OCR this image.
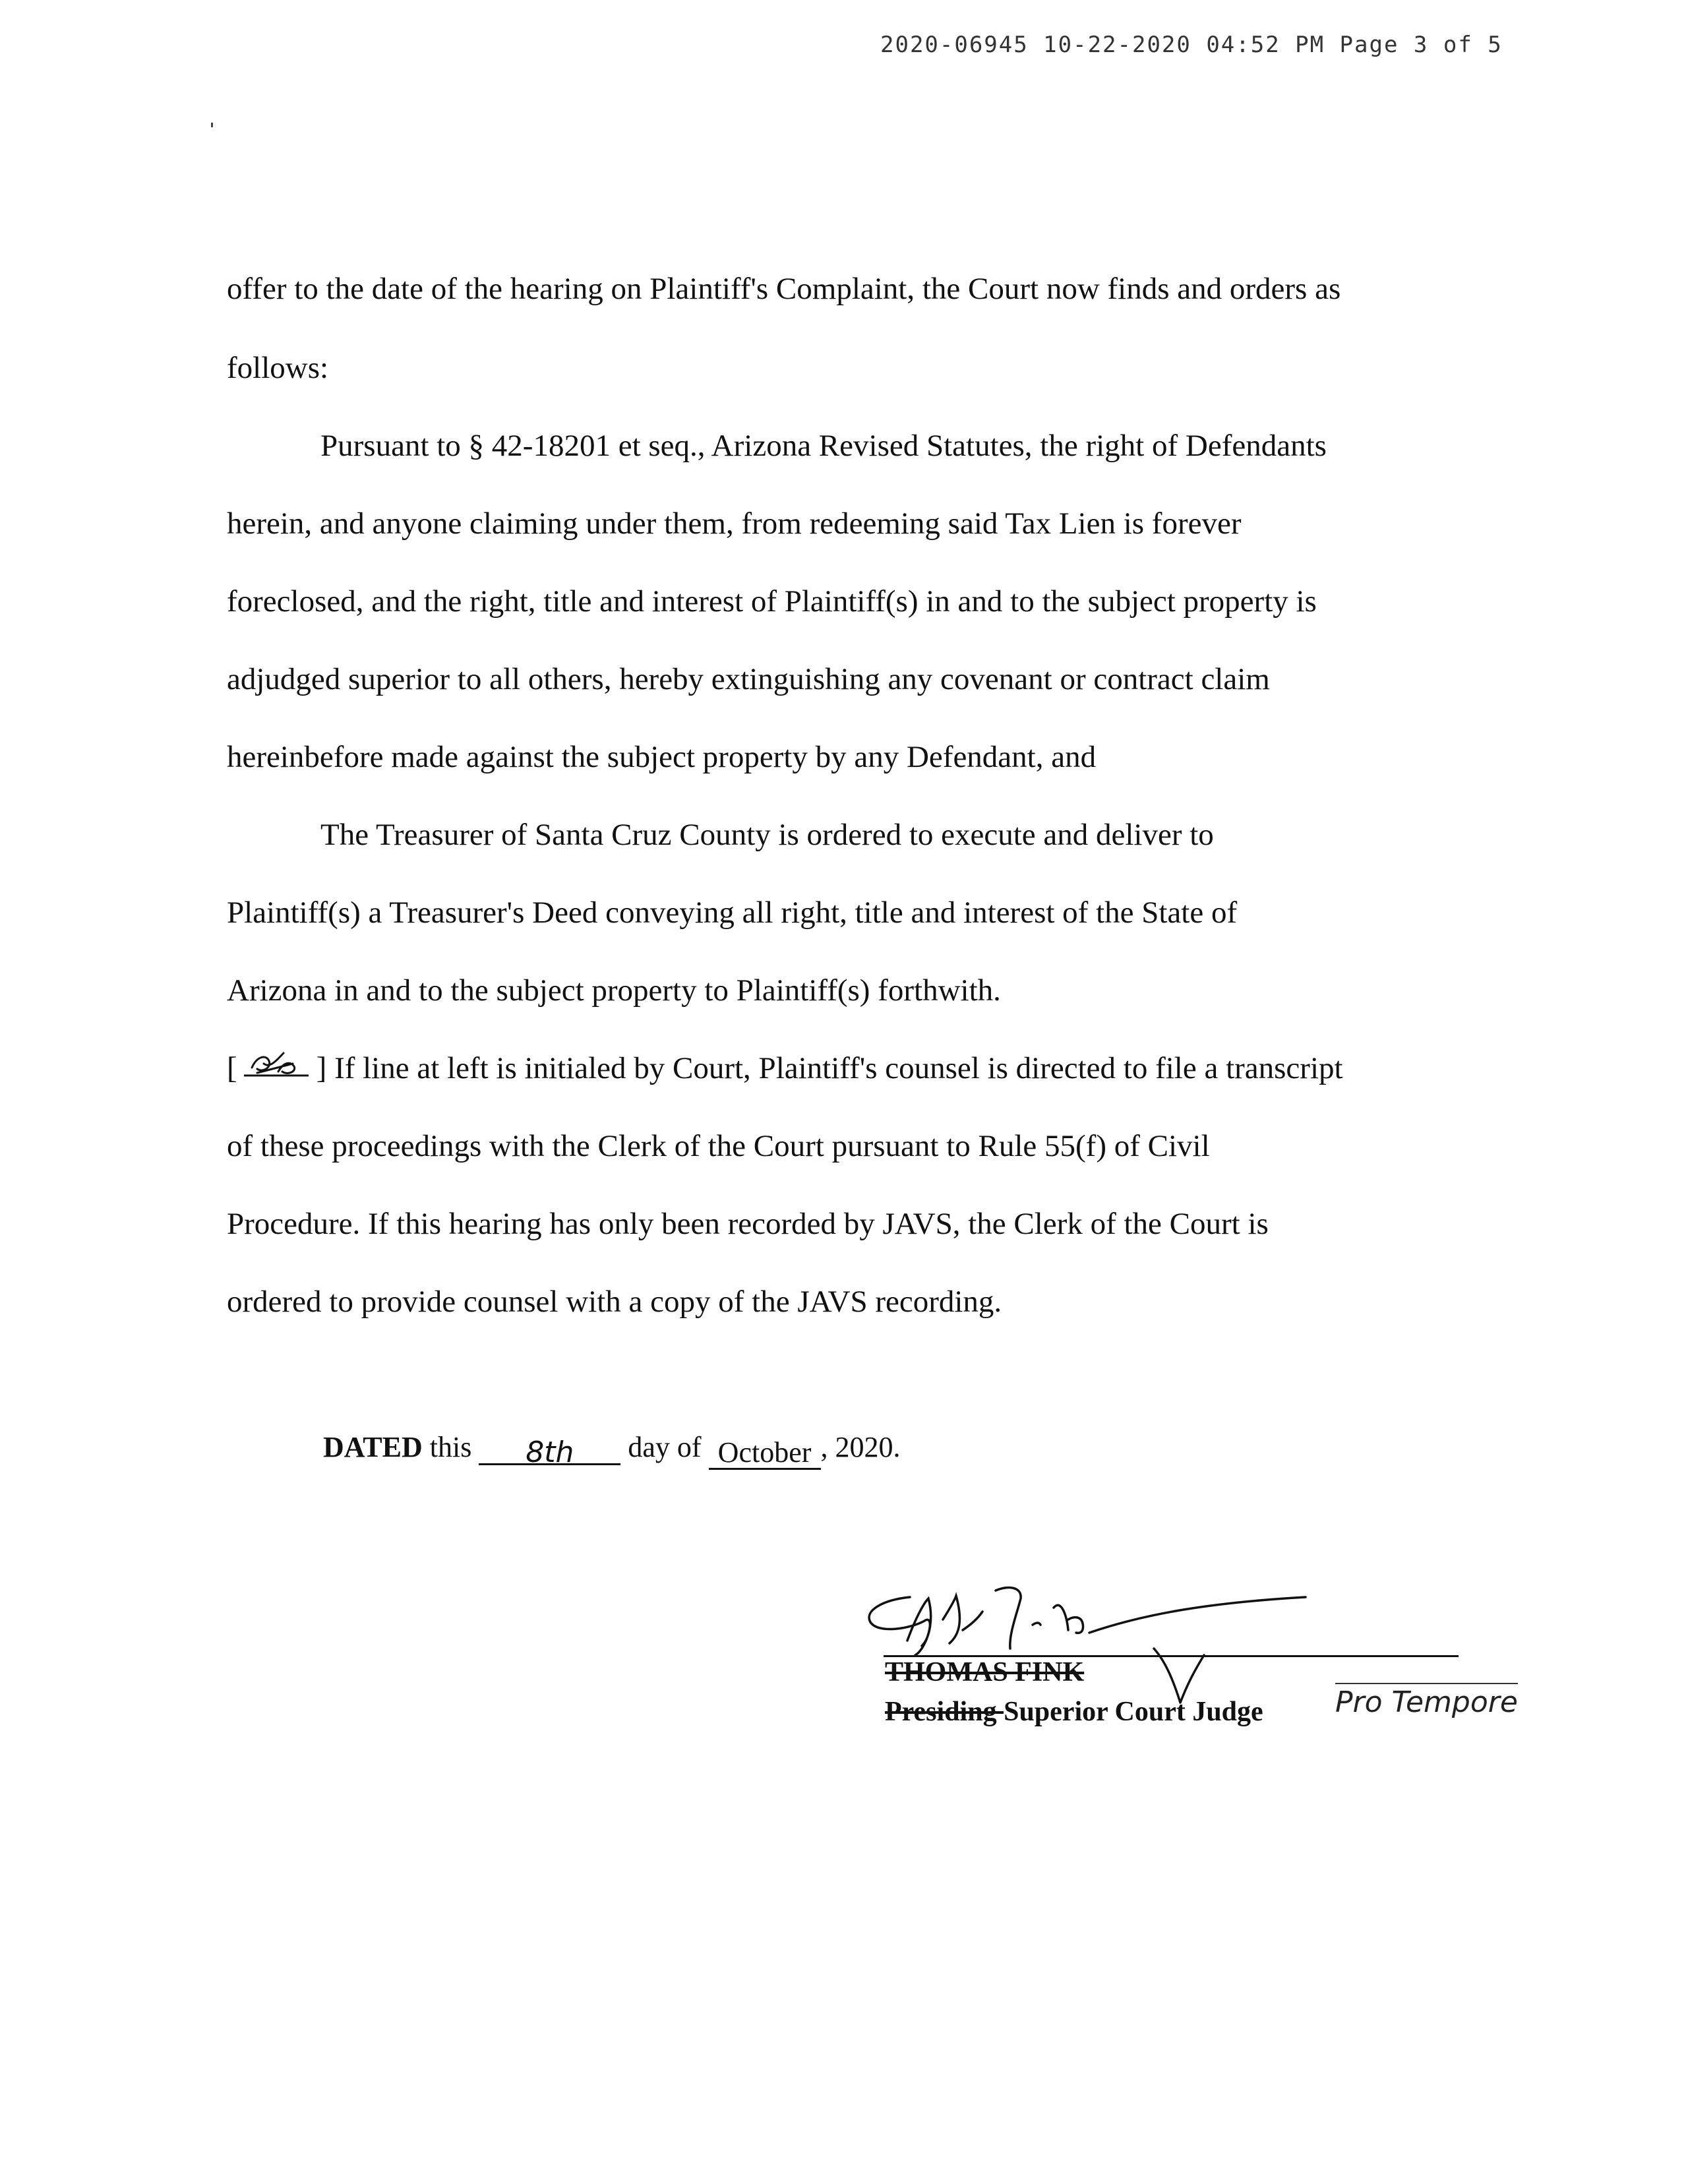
2020-06945 10-22-2020 04:52 PM Page 3 of 5
offer to the date of the hearing on Plaintiff's Complaint, the Court now finds and orders as
follows:
Pursuant to § 42-18201 et seq., Arizona Revised Statutes, the right of Defendants
herein, and anyone claiming under them, from redeeming said Tax Lien is forever
foreclosed, and the right, title and interest of Plaintiff(s) in and to the subject property is
adjudged superior to all others, hereby extinguishing any covenant or contract claim
hereinbefore made against the subject property by any Defendant, and
The Treasurer of Santa Cruz County is ordered to execute and deliver to
Plaintiff(s) a Treasurer's Deed conveying all right, title and interest of the State of
Arizona in and to the subject property to Plaintiff(s) forthwith.
[	] If line at left is initialed by Court, Plaintiff's counsel is directed to file a transcript
of these proceedings with the Clerk of the Court pursuant to Rule 55(f) of Civil
Procedure. If this hearing has only been recorded by JAVS, the Clerk of the Court is
ordered to provide counsel with a copy of the JAVS recording.
DATED this 8th day of October , 2020.
THOMAS FINK
Presiding Superior Court Judge Pro Tempore
